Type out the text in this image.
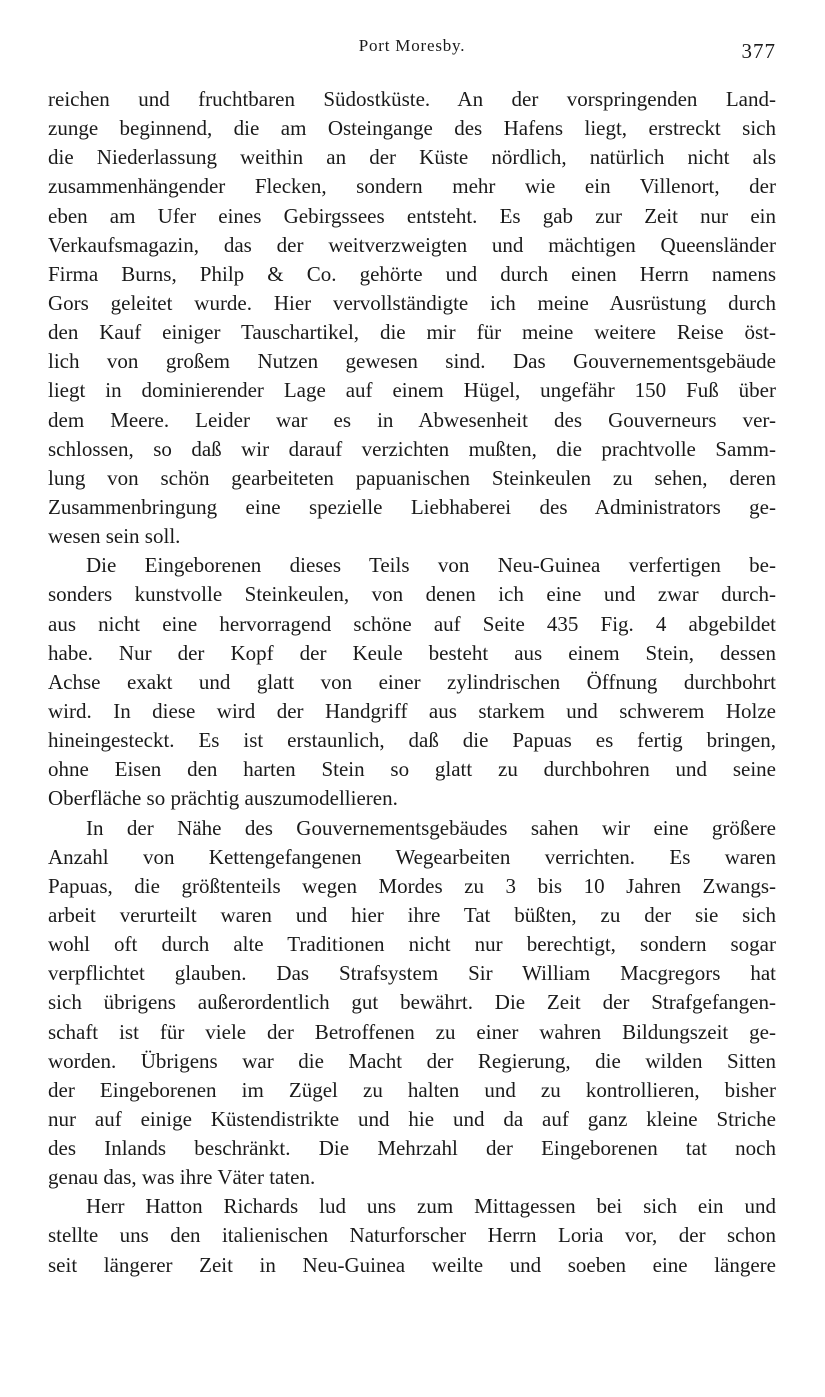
Port Moresby.	377
reichen und fruchtbaren Südostküste. An der vorspringenden Land-
zunge beginnend, die am Osteingange des Hafens liegt, erstreckt sich
die Niederlassung weithin an der Küste nördlich, natürlich nicht als
zusammenhängender Flecken, sondern mehr wie ein Villenort, der
eben am Ufer eines Gebirgssees entsteht. Es gab zur Zeit nur ein
Verkaufsmagazin, das der weitverzweigten und mächtigen Queensländer
Firma Burns, Philp & Co. gehörte und durch einen Herrn namens
Gors geleitet wurde. Hier vervollständigte ich meine Ausrüstung durch
den Kauf einiger Tauschartikel, die mir für meine weitere Reise öst-
lich von großem Nutzen gewesen sind. Das Gouvernementsgebäude
liegt in dominierender Lage auf einem Hügel, ungefähr 150 Fuß über
dem Meere. Leider war es in Abwesenheit des Gouverneurs ver-
schlossen, so daß wir darauf verzichten mußten, die prachtvolle Samm-
lung von schön gearbeiteten papuanischen Steinkeulen zu sehen, deren
Zusammenbringung eine spezielle Liebhaberei des Administrators ge-
wesen sein soll.
Die Eingeborenen dieses Teils von Neu-Guinea verfertigen be-
sonders kunstvolle Steinkeulen, von denen ich eine und zwar durch-
aus nicht eine hervorragend schöne auf Seite 435 Fig. 4 abgebildet
habe. Nur der Kopf der Keule besteht aus einem Stein, dessen
Achse exakt und glatt von einer zylindrischen Öffnung durchbohrt
wird. In diese wird der Handgriff aus starkem und schwerem Holze
hineingesteckt. Es ist erstaunlich, daß die Papuas es fertig bringen,
ohne Eisen den harten Stein so glatt zu durchbohren und seine
Oberfläche so prächtig auszumodellieren.
In der Nähe des Gouvernementsgebäudes sahen wir eine größere
Anzahl von Kettengefangenen Wegearbeiten verrichten. Es waren
Papuas, die größtenteils wegen Mordes zu 3 bis 10 Jahren Zwangs-
arbeit verurteilt waren und hier ihre Tat büßten, zu der sie sich
wohl oft durch alte Traditionen nicht nur berechtigt, sondern sogar
verpflichtet glauben. Das Strafsystem Sir William Macgregors hat
sich übrigens außerordentlich gut bewährt. Die Zeit der Strafgefangen-
schaft ist für viele der Betroffenen zu einer wahren Bildungszeit ge-
worden. Übrigens war die Macht der Regierung, die wilden Sitten
der Eingeborenen im Zügel zu halten und zu kontrollieren, bisher
nur auf einige Küstendistrikte und hie und da auf ganz kleine Striche
des Inlands beschränkt. Die Mehrzahl der Eingeborenen tat noch
genau das, was ihre Väter taten.
Herr Hatton Richards lud uns zum Mittagessen bei sich ein und
stellte uns den italienischen Naturforscher Herrn Loria vor, der schon
seit längerer Zeit in Neu-Guinea weilte und soeben eine längere
